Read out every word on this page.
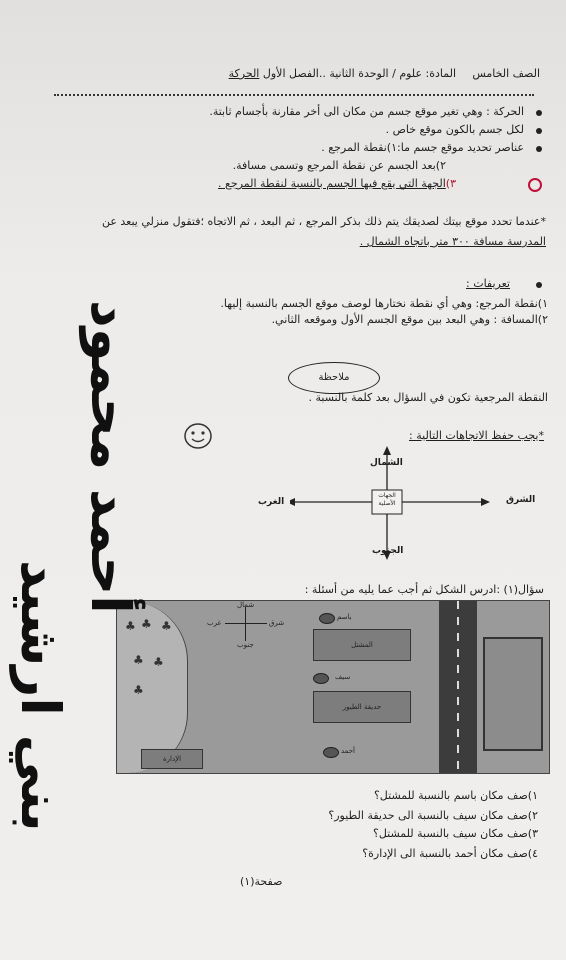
الصف الخامس
المادة: علوم / الوحدة الثانية ..الفصل الأول الحركة
الحركة : وهي تغير موقع جسم من مكان الى أخر مقارنة بأجسام ثابتة.
لكل جسم بالكون موقع خاص .
عناصر تحديد موقع جسم ما:١)نقطة المرجع .
٢)بعد الجسم عن نقطة المرجع وتسمى مسافة.
٣)الجهة التي يقع فيها الجسم بالنسبة لنقطة المرجع .
*عندما تحدد موقع بيتك لصديقك يتم ذلك بذكر المرجع ، ثم البعد ، ثم الاتجاه ؛فتقول منزلي يبعد عن
المدرسة مسافة ٣٠٠ متر باتجاه الشمال .
تعريفات :
١)نقطة المرجع: وهي أي نقطة نختارها لوصف موقع الجسم بالنسبة إليها.
٢)المسافة : وهي البعد بين موقع الجسم الأول وموقعه الثاني.
ملاحظة
النقطة المرجعية تكون في السؤال بعد كلمة بالنسبة .
*يجب حفظ الاتجاهات التالية :
الشمال
الجنوب
الشرق
الغرب
الجهات الأصلية
سؤال(١) :ادرس الشكل ثم أجب عما يليه من أسئلة :
♣ ♣ ♣
♣ ♣
♣
الإدارة
شمال
جنوب
شرق
غرب
باسم
المشتل
سيف
حديقة الطيور
أحمد
١)صف مكان باسم بالنسبة للمشتل؟
٢)صف مكان سيف بالنسبة الى حديقة الطيور؟
٣)صف مكان سيف بالنسبة للمشتل؟
٤)صف مكان أحمد بالنسبة الى الإدارة؟
صفحة(١)
أحمد محمود
بني ارشيد
